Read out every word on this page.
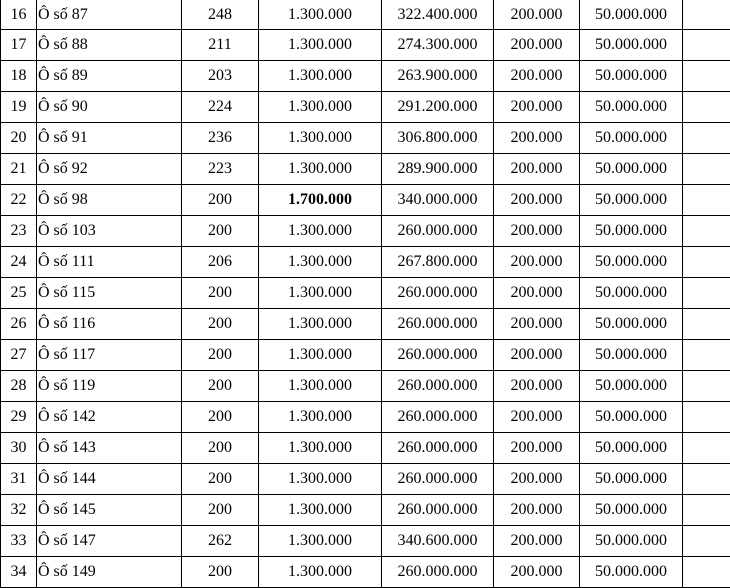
16	Ô số 87	248	1.300.000	322.400.000	200.000	50.000.000	
17	Ô số 88	211	1.300.000	274.300.000	200.000	50.000.000	
18	Ô số 89	203	1.300.000	263.900.000	200.000	50.000.000	
19	Ô số 90	224	1.300.000	291.200.000	200.000	50.000.000	
20	Ô số 91	236	1.300.000	306.800.000	200.000	50.000.000	
21	Ô số 92	223	1.300.000	289.900.000	200.000	50.000.000	
22	Ô số 98	200	1.700.000	340.000.000	200.000	50.000.000	
23	Ô số 103	200	1.300.000	260.000.000	200.000	50.000.000	
24	Ô số 111	206	1.300.000	267.800.000	200.000	50.000.000	
25	Ô số 115	200	1.300.000	260.000.000	200.000	50.000.000	
26	Ô số 116	200	1.300.000	260.000.000	200.000	50.000.000	
27	Ô số 117	200	1.300.000	260.000.000	200.000	50.000.000	
28	Ô số 119	200	1.300.000	260.000.000	200.000	50.000.000	
29	Ô số 142	200	1.300.000	260.000.000	200.000	50.000.000	
30	Ô số 143	200	1.300.000	260.000.000	200.000	50.000.000	
31	Ô số 144	200	1.300.000	260.000.000	200.000	50.000.000	
32	Ô số 145	200	1.300.000	260.000.000	200.000	50.000.000	
33	Ô số 147	262	1.300.000	340.600.000	200.000	50.000.000	
34	Ô số 149	200	1.300.000	260.000.000	200.000	50.000.000	
